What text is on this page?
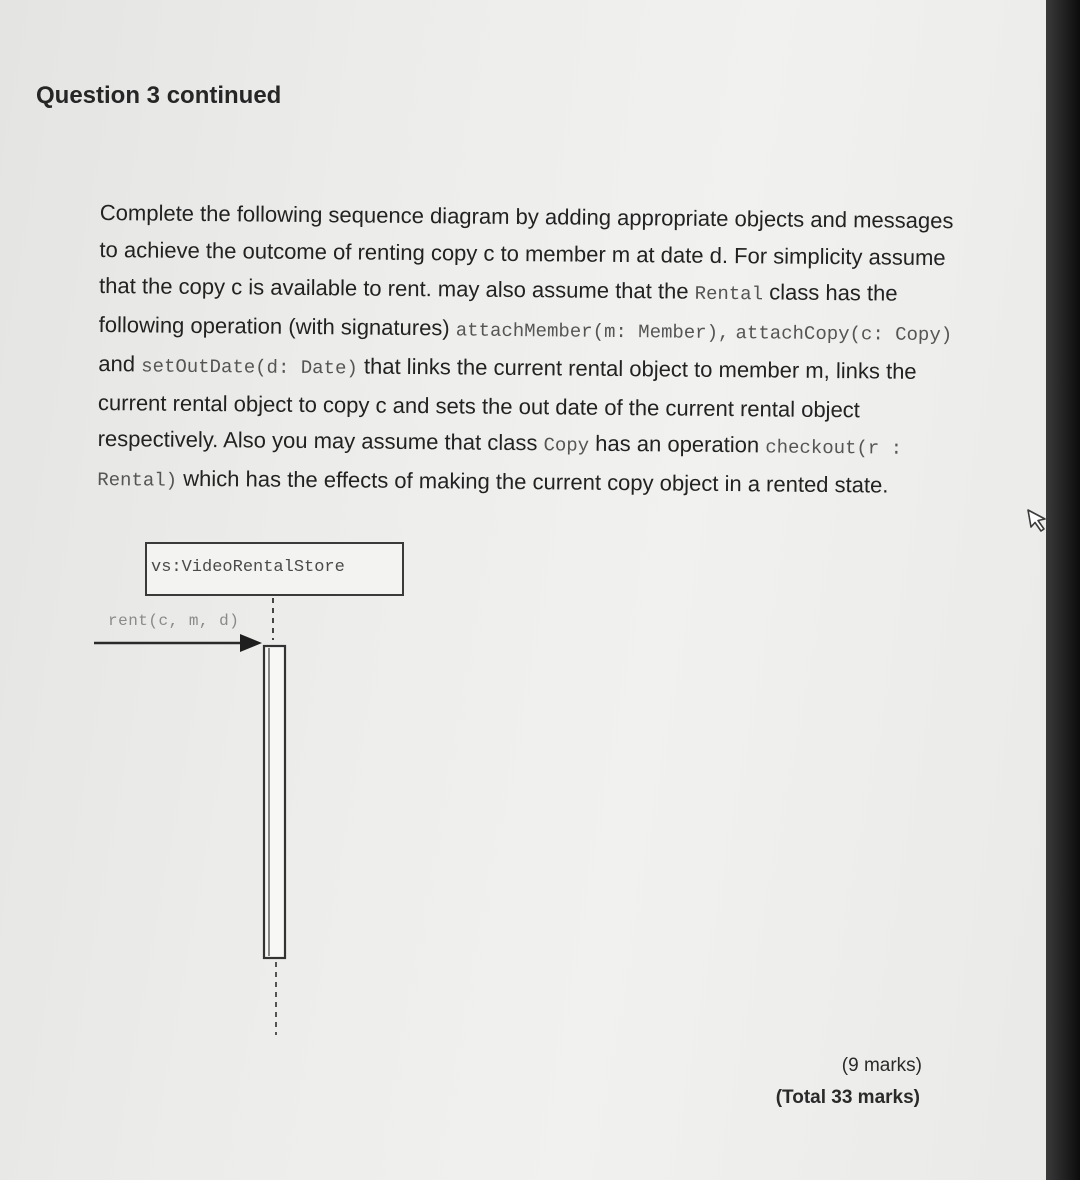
Question 3 continued
Complete the following sequence diagram by adding appropriate objects and messages to achieve the outcome of renting copy c to member m at date d. For simplicity assume that the copy c is available to rent. may also assume that the Rental class has the following operation (with signatures) attachMember(m: Member), attachCopy(c: Copy) and setOutDate(d: Date) that links the current rental object to member m, links the current rental object to copy c and sets the out date of the current rental object respectively. Also you may assume that class Copy has an operation checkout(r : Rental) which has the effects of making the current copy object in a rented state.
vs:VideoRentalStore
rent(c, m, d)
(9 marks)
(Total 33 marks)
